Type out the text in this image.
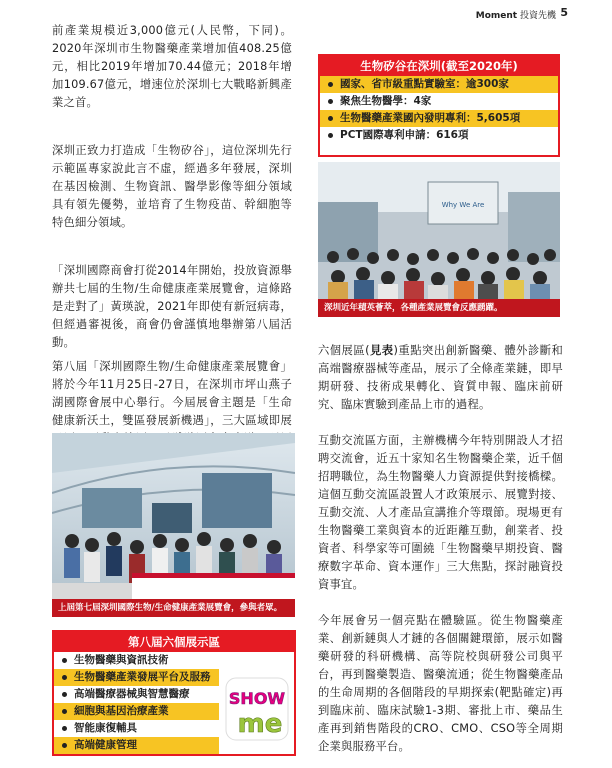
Moment 投資先機 5
前產業規模近3,000億元(人民幣，下同)。2020年深圳市生物醫藥產業增加值408.25億元，相比2019年增加70.44億元；2018年增加109.67億元，增速位於深圳七大戰略新興產業之首。
深圳正致力打造成「生物矽谷」，這位深圳先行示範區專家說此言不虛，經過多年發展，深圳在基因檢測、生物資訊、醫學影像等細分領域具有領先優勢，並培育了生物疫苗、幹細胞等特色細分領域。
「深圳國際商會打從2014年開始，投放資源舉辦共七屆的生物/生命健康產業展覽會，這條路是走對了」黃瑛說，2021年即使有新冠病毒，但經過審視後，商會仍會謹慎地舉辦第八屆活動。
第八屆「深圳國際生物/生命健康產業展覽會」將於今年11月25日-27日，在深圳市坪山燕子湖國際會展中心舉行。今屆展會主題是「生命健康新沃土，雙區發展新機遇」，三大區域即展
上屆第七屆深圳國際生物/生命健康產業展覽會，參與者眾。
生物矽谷在深圳(截至2020年)
國家、省市級重點實驗室：逾300家
聚焦生物醫學：4家
生物醫藥產業國內發明專利：5,605項
PCT國際專利申請：616項
Why We Are
深圳近年積英薈萃，各種產業展覽會反應踴躍。
六個展區(見表)重點突出創新醫藥、體外診斷和高端醫療器械等產品，展示了全條產業鏈，即早期研發、技術成果轉化、資質申報、臨床前研究、臨床實驗到產品上市的過程。
互動交流區方面，主辦機構今年特別開設人才招聘交流會，近五十家知名生物醫藥企業，近千個招聘職位，為生物醫藥人力資源提供對接橋樑。這個互動交流區設置人才政策展示、展覽對接、互動交流、人才產品宣講推介等環節。現場更有生物醫藥工業與資本的近距離互動，創業者、投資者、科學家等可圍繞「生物醫藥早期投資、醫療數字革命、資本運作」三大焦點，探討融資投資事宜。
今年展會另一個亮點在體驗區。從生物醫藥產業、創新鏈與人才鏈的各個關鍵環節，展示如醫藥研發的科研機構、高等院校與研發公司與平台，再到醫藥製造、醫藥流通；從生物醫藥產品的生命周期的各個階段的早期探索(靶點確定)再到臨床前、臨床試驗1-3期、審批上市、藥品生產再到銷售階段的CRO、CMO、CSO等全周期企業與服務平台。
第八屆六個展示區
生物醫藥與資訊技術
生物醫藥產業發展平台及服務
高端醫療器械與智慧醫療
細胞與基因治療產業
智能康復輔具
高端健康管理
SHOW
me
